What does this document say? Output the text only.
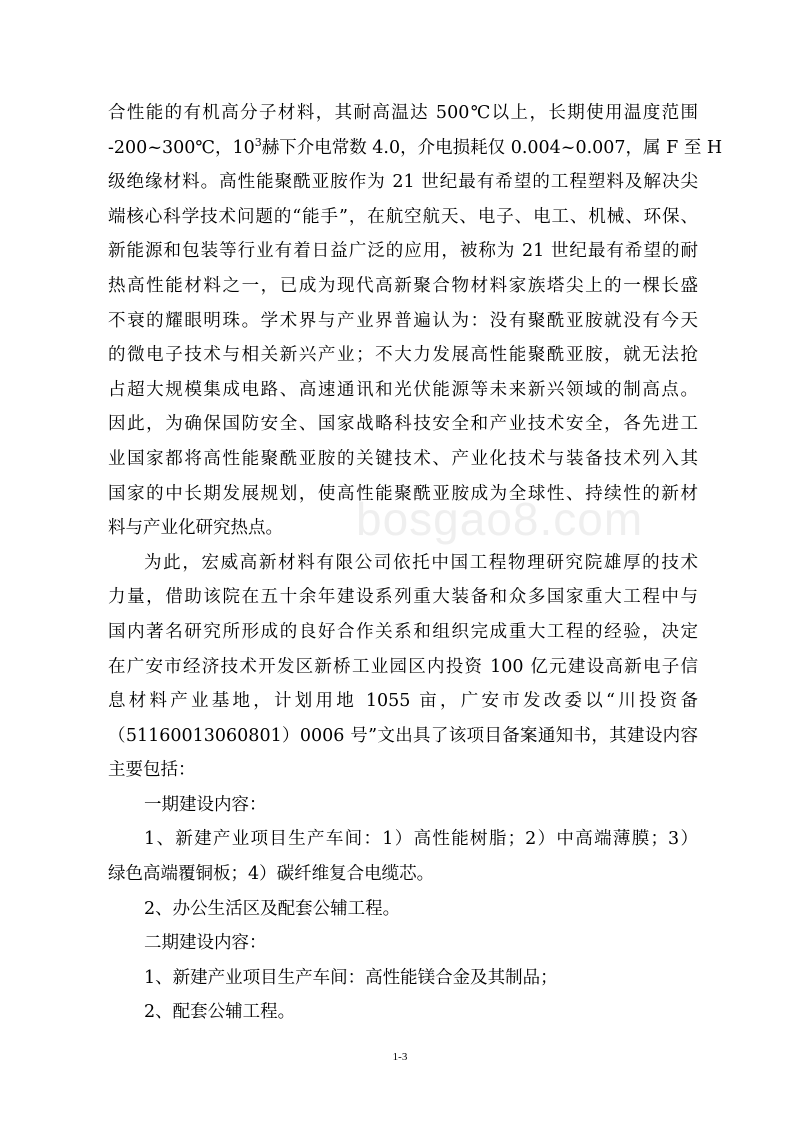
bosgao8.com
合性能的有机高分子材料，其耐高温达 500℃以上，长期使用温度范围
-200~300℃，$10^3$赫下介电常数 4.0，介电损耗仅 0.004~0.007，属 F 至 H
级绝缘材料。高性能聚酰亚胺作为 21 世纪最有希望的工程塑料及解决尖
端核心科学技术问题的“能手”，在航空航天、电子、电工、机械、环保、
新能源和包装等行业有着日益广泛的应用，被称为 21 世纪最有希望的耐
热高性能材料之一，已成为现代高新聚合物材料家族塔尖上的一棵长盛
不衰的耀眼明珠。学术界与产业界普遍认为：没有聚酰亚胺就没有今天
的微电子技术与相关新兴产业；不大力发展高性能聚酰亚胺，就无法抢
占超大规模集成电路、高速通讯和光伏能源等未来新兴领域的制高点。
因此，为确保国防安全、国家战略科技安全和产业技术安全，各先进工
业国家都将高性能聚酰亚胺的关键技术、产业化技术与装备技术列入其
国家的中长期发展规划，使高性能聚酰亚胺成为全球性、持续性的新材
料与产业化研究热点。
为此，宏威高新材料有限公司依托中国工程物理研究院雄厚的技术
力量，借助该院在五十余年建设系列重大装备和众多国家重大工程中与
国内著名研究所形成的良好合作关系和组织完成重大工程的经验，决定
在广安市经济技术开发区新桥工业园区内投资 100 亿元建设高新电子信
息材料产业基地，计划用地 1055 亩，广安市发改委以“川投资备
（51160013060801）0006 号”文出具了该项目备案通知书，其建设内容
主要包括：
一期建设内容：
1、新建产业项目生产车间：1）高性能树脂；2）中高端薄膜；3）
绿色高端覆铜板；4）碳纤维复合电缆芯。
2、办公生活区及配套公辅工程。
二期建设内容：
1、新建产业项目生产车间：高性能镁合金及其制品；
2、配套公辅工程。
1-3
